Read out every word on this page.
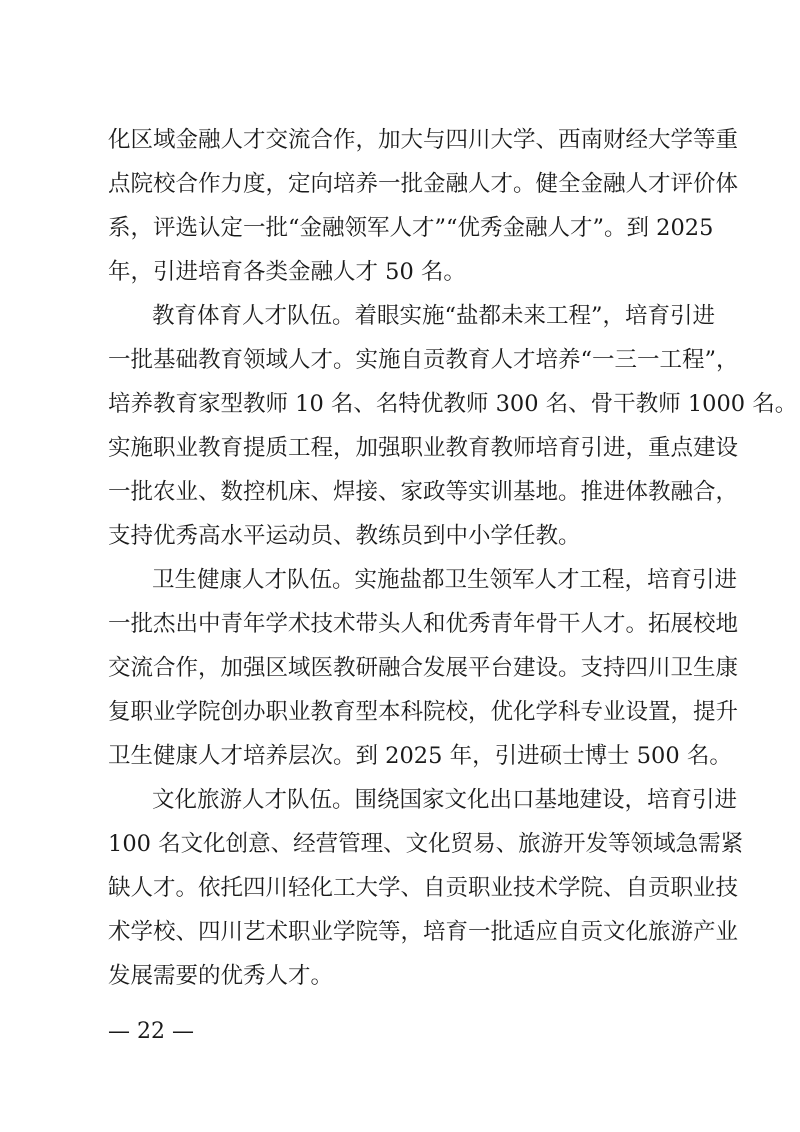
化区域金融人才交流合作，加大与四川大学、西南财经大学等重
点院校合作力度，定向培养一批金融人才。健全金融人才评价体
系，评选认定一批“金融领军人才”“优秀金融人才”。到 2025
年，引进培育各类金融人才 50 名。
教育体育人才队伍。着眼实施“盐都未来工程”，培育引进
一批基础教育领域人才。实施自贡教育人才培养“一三一工程”，
培养教育家型教师 10 名、名特优教师 300 名、骨干教师 1000 名。
实施职业教育提质工程，加强职业教育教师培育引进，重点建设
一批农业、数控机床、焊接、家政等实训基地。推进体教融合，
支持优秀高水平运动员、教练员到中小学任教。
卫生健康人才队伍。实施盐都卫生领军人才工程，培育引进
一批杰出中青年学术技术带头人和优秀青年骨干人才。拓展校地
交流合作，加强区域医教研融合发展平台建设。支持四川卫生康
复职业学院创办职业教育型本科院校，优化学科专业设置，提升
卫生健康人才培养层次。到 2025 年，引进硕士博士 500 名。
文化旅游人才队伍。围绕国家文化出口基地建设，培育引进
100 名文化创意、经营管理、文化贸易、旅游开发等领域急需紧
缺人才。依托四川轻化工大学、自贡职业技术学院、自贡职业技
术学校、四川艺术职业学院等，培育一批适应自贡文化旅游产业
发展需要的优秀人才。
— 22 —
